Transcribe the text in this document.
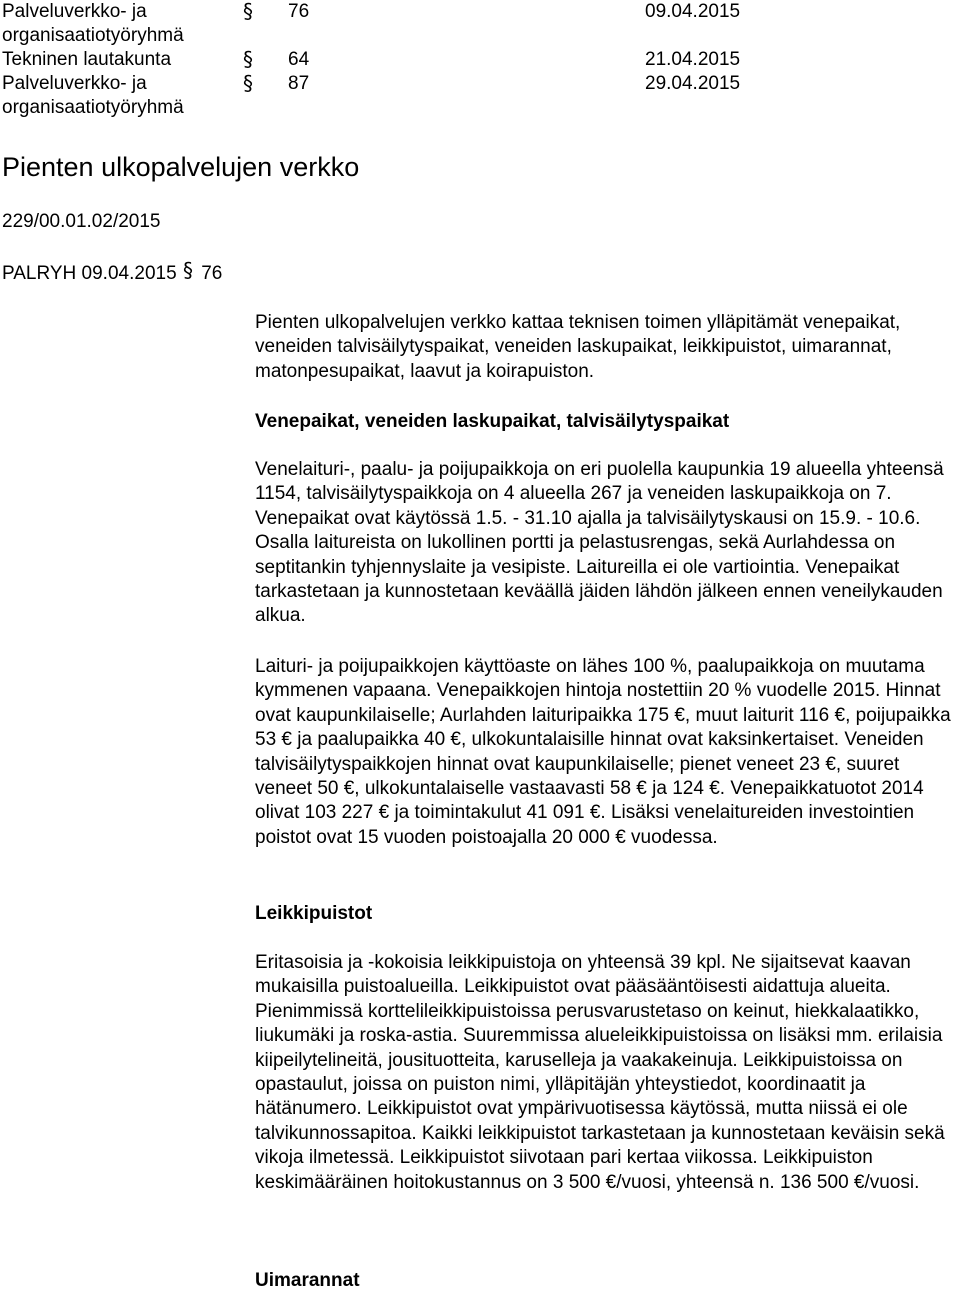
Palveluverkko- ja
organisaatiotyöryhmä
§ 76	09.04.2015
Tekninen lautakunta	§ 64	21.04.2015
Palveluverkko- ja
organisaatiotyöryhmä
§ 87	29.04.2015
Pienten ulkopalvelujen verkko
229/00.01.02/2015
PALRYH 09.04.2015 § 76
Pienten ulkopalvelujen verkko kattaa teknisen toimen ylläpitämät venepaikat, veneiden talvisäilytyspaikat, veneiden laskupaikat, leikkipuistot, uimarannat, matonpesupaikat, laavut ja koirapuiston.
Venepaikat, veneiden laskupaikat, talvisäilytyspaikat
Venelaituri-, paalu- ja poijupaikkoja on eri puolella kaupunkia 19 alueella yhteensä 1154, talvisäilytyspaikkoja on 4 alueella 267 ja veneiden laskupaikkoja on 7. Venepaikat ovat käytössä 1.5. - 31.10 ajalla ja talvisäilytyskausi on 15.9. - 10.6. Osalla laitureista on lukollinen portti ja pelastusrengas, sekä Aurlahdessa on septitankin tyhjennyslaite ja vesipiste. Laitureilla ei ole vartiointia. Venepaikat tarkastetaan ja kunnostetaan keväällä jäiden lähdön jälkeen ennen veneilykauden alkua.
Laituri- ja poijupaikkojen käyttöaste on lähes 100 %, paalupaikkoja on muutama kymmenen vapaana. Venepaikkojen hintoja nostettiin 20 % vuodelle 2015. Hinnat ovat kaupunkilaiselle; Aurlahden laituripaikka 175 €, muut laiturit 116 €, poijupaikka 53 € ja paalupaikka 40 €, ulkokuntalaisille hinnat ovat kaksinkertaiset. Veneiden talvisäilytyspaikkojen hinnat ovat kaupunkilaiselle; pienet veneet 23 €, suuret veneet 50 €, ulkokuntalaiselle vastaavasti 58 € ja 124 €. Venepaikkatuotot 2014 olivat 103 227 € ja toimintakulut 41 091 €. Lisäksi venelaitureiden investointien poistot ovat 15 vuoden poistoajalla 20 000 € vuodessa.
Leikkipuistot
Eritasoisia ja -kokoisia leikkipuistoja on yhteensä 39 kpl. Ne sijaitsevat kaavan mukaisilla puistoalueilla. Leikkipuistot ovat pääsääntöisesti aidattuja alueita. Pienimmissä korttelileikkipuistoissa perusvarustetaso on keinut, hiekkalaatikko, liukumäki ja roska-astia. Suuremmissa alueleikkipuistoissa on lisäksi mm. erilaisia kiipeilytelineitä, jousituotteita, karuselleja ja vaakakeinuja. Leikkipuistoissa on opastaulut, joissa on puiston nimi, ylläpitäjän yhteystiedot, koordinaatit ja hätänumero. Leikkipuistot ovat ympärivuotisessa käytössä, mutta niissä ei ole talvikunnossapitoa. Kaikki leikkipuistot tarkastetaan ja kunnostetaan keväisin sekä vikoja ilmetessä. Leikkipuistot siivotaan pari kertaa viikossa. Leikkipuiston keskimääräinen hoitokustannus on 3 500 €/vuosi, yhteensä n. 136 500 €/vuosi.
Uimarannat
